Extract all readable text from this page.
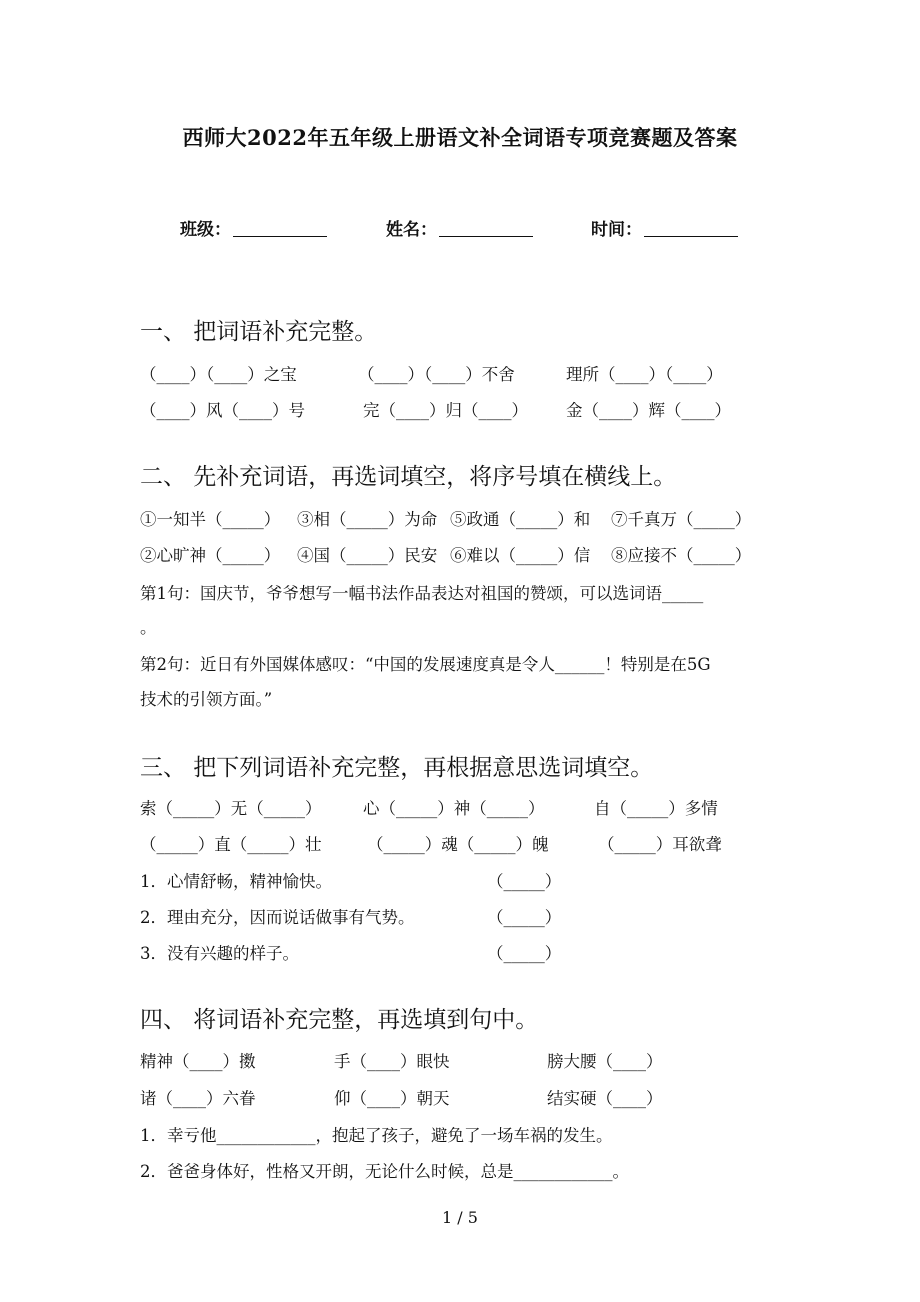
西师大2022年五年级上册语文补全词语专项竞赛题及答案
班级：	姓名：	时间：
一、 把词语补充完整。
（____）（____）之宝	（____）（____）不舍	理所（____）（____）
（____）风（____）号	完（____）归（____） 金（____）辉（____）
二、 先补充词语，再选词填空，将序号填在横线上。
①一知半（_____） ③相（_____）为命 ⑤政通（_____）和 ⑦千真万（_____）
②心旷神（_____） ④国（_____）民安 ⑥难以（_____）信 ⑧应接不（_____）
第1句：国庆节，爷爷想写一幅书法作品表达对祖国的赞颂，可以选词语_____
。
第2句：近日有外国媒体感叹：“中国的发展速度真是令人______！特别是在5G
技术的引领方面。”
三、 把下列词语补充完整，再根据意思选词填空。
索（_____）无（_____）	心（_____）神（_____）	自（_____）多情
（_____）直（_____）壮	（_____）魂（_____）魄	（_____）耳欲聋
1．心情舒畅，精神愉快。	（_____）
2．理由充分，因而说话做事有气势。	（_____）
3．没有兴趣的样子。	（_____）
四、 将词语补充完整，再选填到句中。
精神（____）擞	手（____）眼快	膀大腰（____）
诸（____）六眷	仰（____）朝天	结实硬（____）
1．幸亏他____________，抱起了孩子，避免了一场车祸的发生。
2．爸爸身体好，性格又开朗，无论什么时候，总是____________。
1 / 5
